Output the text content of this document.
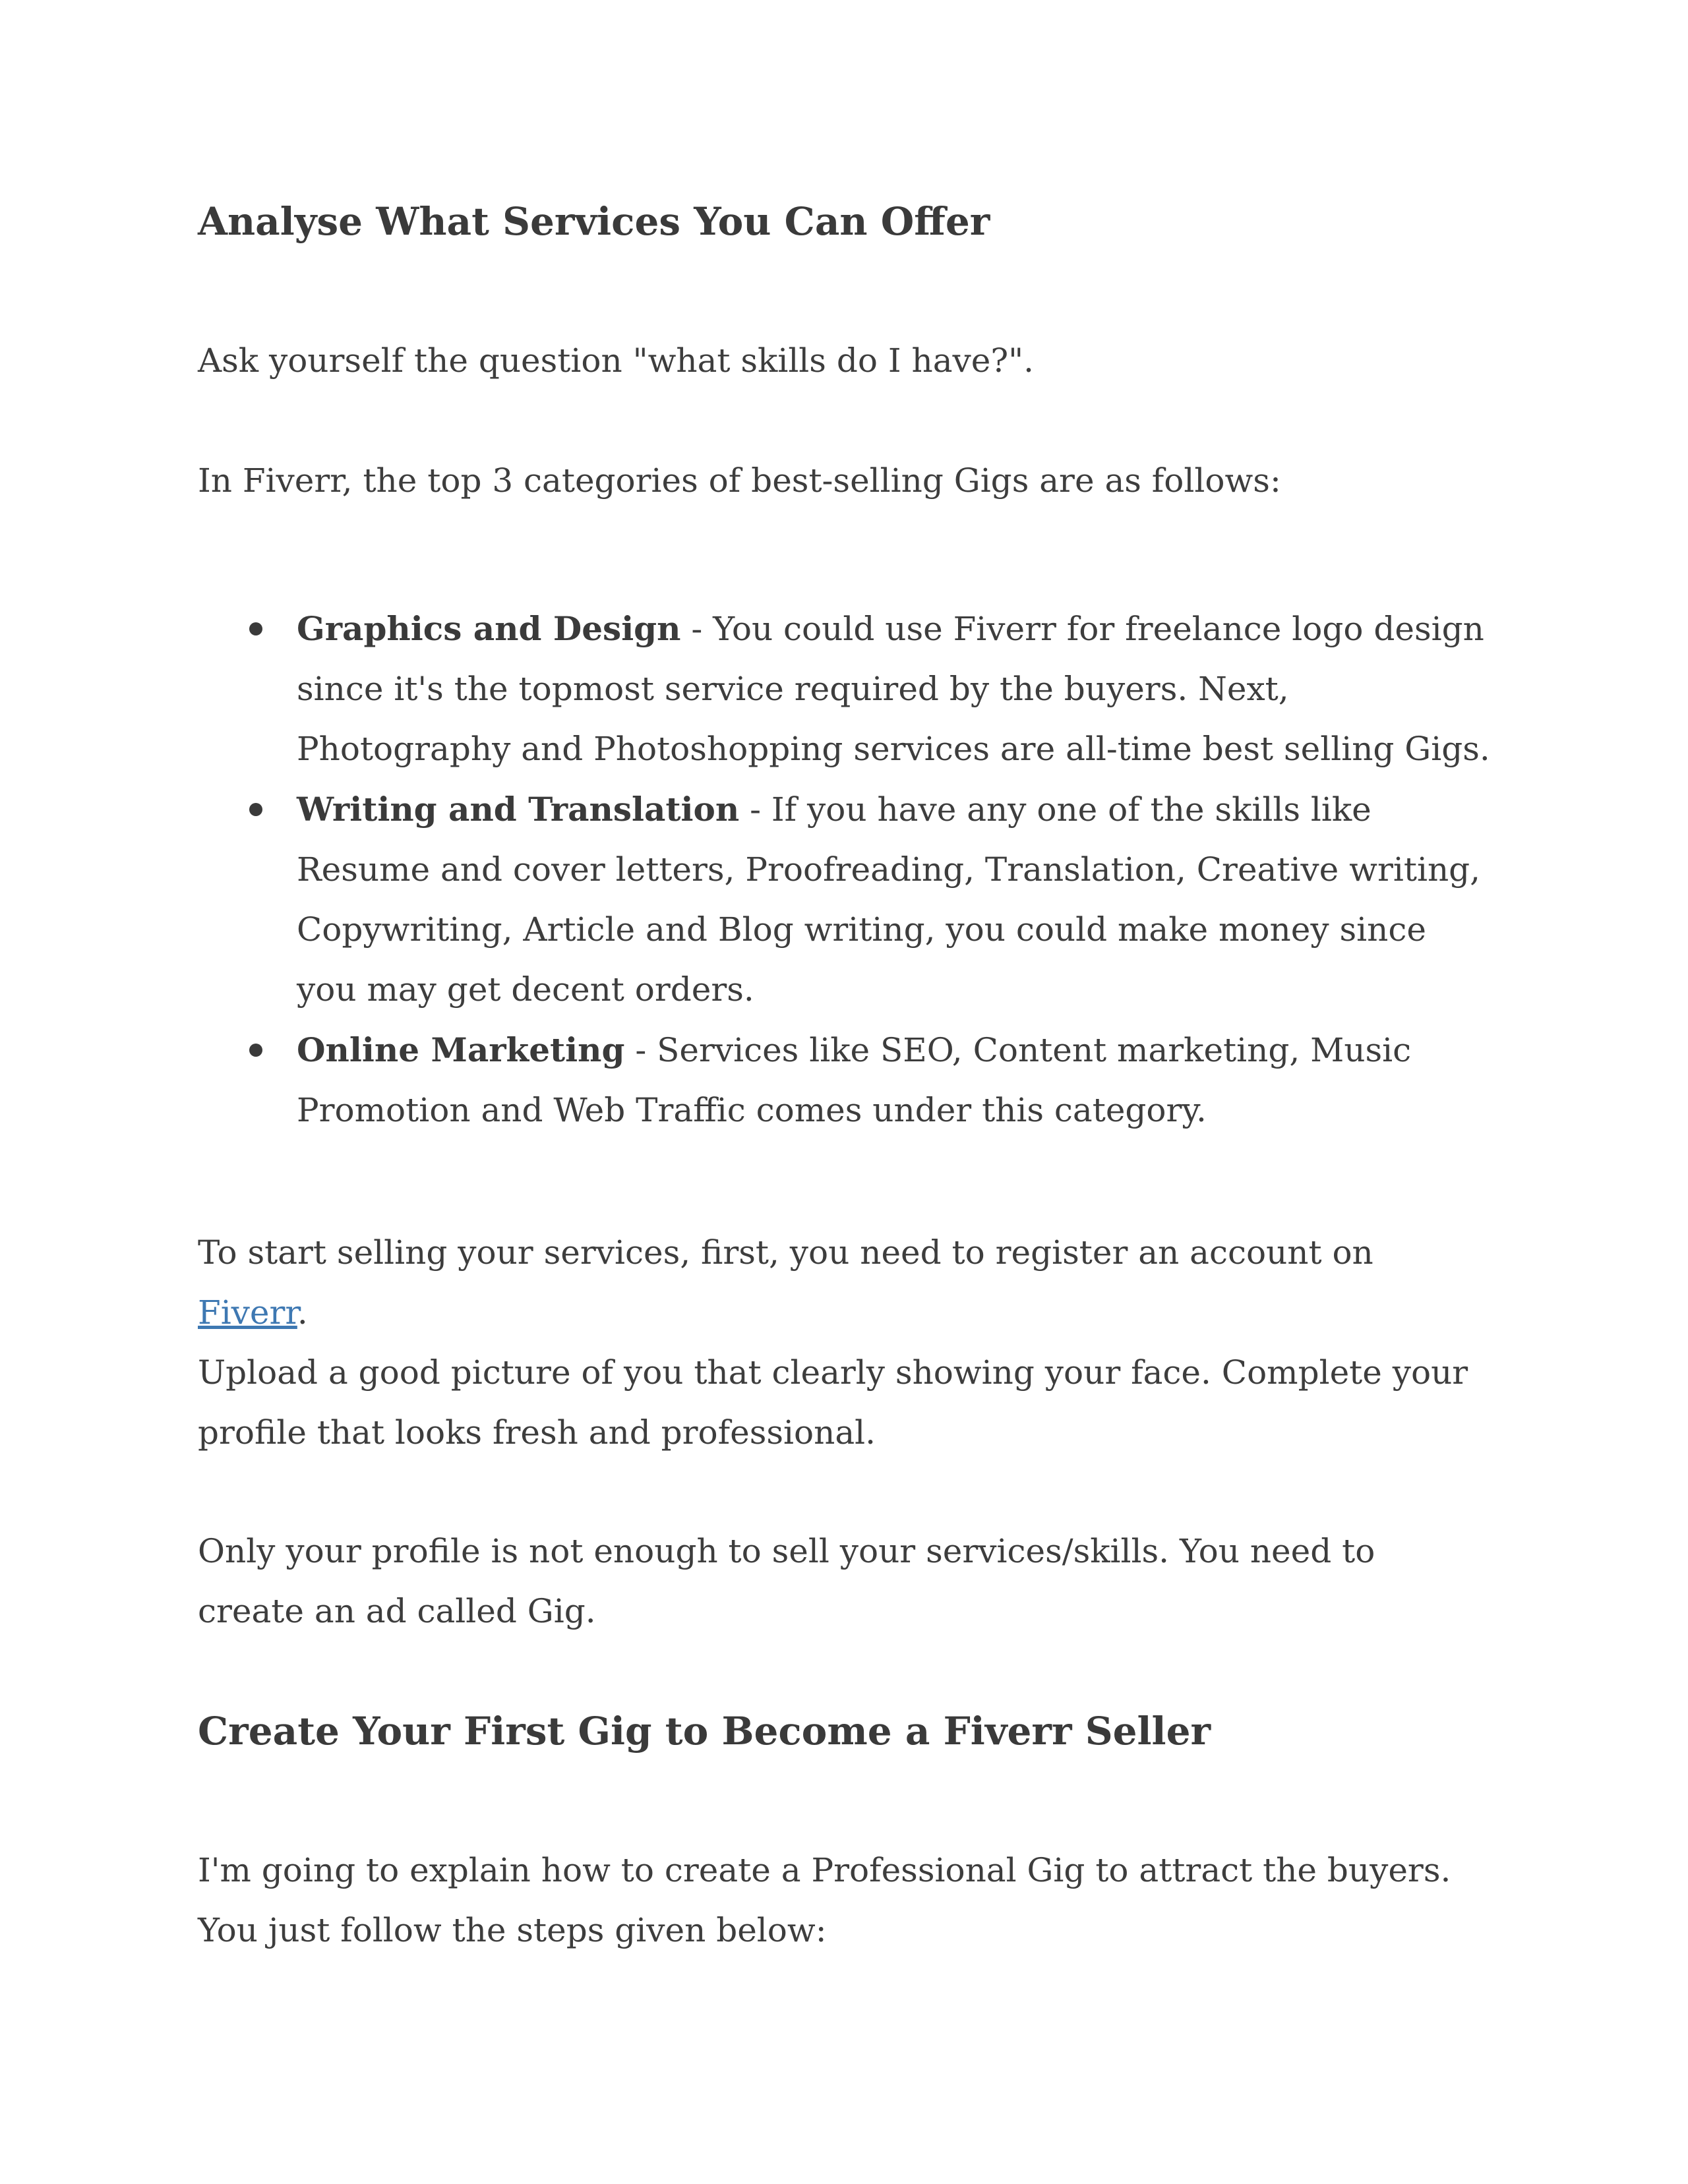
Analyse What Services You Can Offer

Ask yourself the question "what skills do I have?".

In Fiverr, the top 3 categories of best-selling Gigs are as follows:

Graphics and Design - You could use Fiverr for freelance logo design since it's the topmost service required by the buyers. Next, Photography and Photoshopping services are all-time best selling Gigs.
Writing and Translation - If you have any one of the skills like Resume and cover letters, Proofreading, Translation, Creative writing, Copywriting, Article and Blog writing, you could make money since you may get decent orders.
Online Marketing - Services like SEO, Content marketing, Music Promotion and Web Traffic comes under this category.

To start selling your services, first, you need to register an account on Fiverr.

Upload a good picture of you that clearly showing your face. Complete your profile that looks fresh and professional.

Only your profile is not enough to sell your services/skills. You need to create an ad called Gig.

Create Your First Gig to Become a Fiverr Seller

I'm going to explain how to create a Professional Gig to attract the buyers. You just follow the steps given below:
